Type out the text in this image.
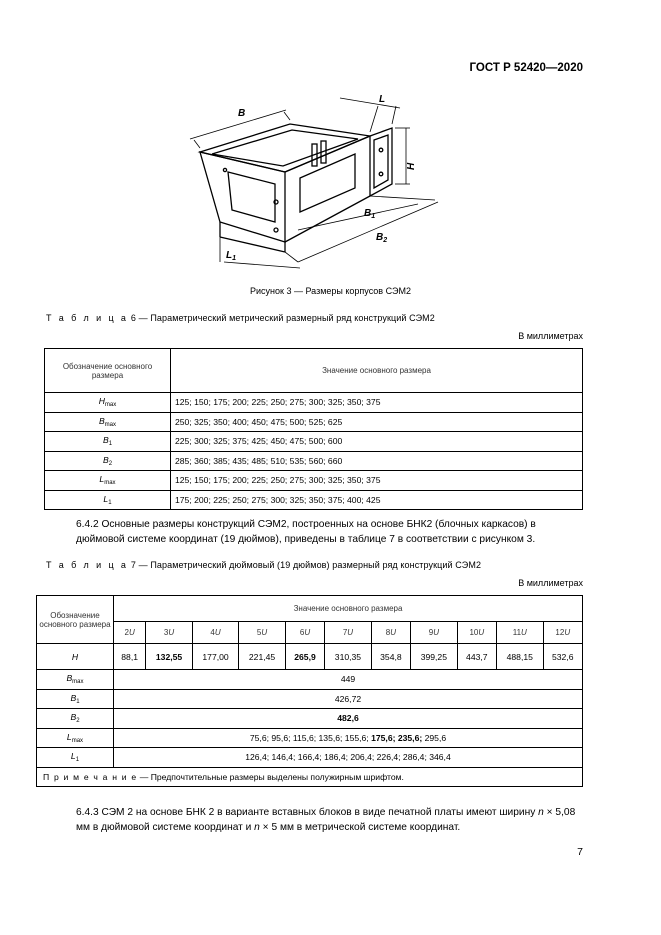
ГОСТ Р 52420—2020
B
L
H
$B_1$
$B_2$
$L_1$
Рисунок 3 — Размеры корпусов СЭМ2
Т а б л и ц а 6 — Параметрический метрический размерный ряд конструкций СЭМ2
В миллиметрах
Обозначение основного размера	Значение основного размера
$H_{max}$	125; 150; 175; 200; 225; 250; 275; 300; 325; 350; 375
$B_{max}$	250; 325; 350; 400; 450; 475; 500; 525; 625
$B_1$	225; 300; 325; 375; 425; 450; 475; 500; 600
$B_2$	285; 360; 385; 435; 485; 510; 535; 560; 660
$L_{max}$	125; 150; 175; 200; 225; 250; 275; 300; 325; 350; 375
$L_1$	175; 200; 225; 250; 275; 300; 325; 350; 375; 400; 425
6.4.2 Основные размеры конструкций СЭМ2, построенных на основе БНК2 (блочных каркасов) в дюймовой системе координат (19 дюймов), приведены в таблице 7 в соответствии с рисунком 3.
Т а б л и ц а 7 — Параметрический дюймовый (19 дюймов) размерный ряд конструкций СЭМ2
В миллиметрах
Обозначение основного размера	Значение основного размера										
	2U	3U	4U	5U	6U	7U	8U	9U	10U	11U	12U
H	88,1	132,55	177,00	221,45	265,9	310,35	354,8	399,25	443,7	488,15	532,6
$B_{max}$	449										
$B_1$	426,72										
$B_2$	482,6										
$L_{max}$	75,6; 95,6; 115,6; 135,6; 155,6; 175,6; 235,6; 295,6										
$L_1$	126,4; 146,4; 166,4; 186,4; 206,4; 226,4; 286,4; 346,4										
П р и м е ч а н и е — Предпочтительные размеры выделены полужирным шрифтом.											
6.4.3 СЭМ 2 на основе БНК 2 в варианте вставных блоков в виде печатной платы имеют ширину n × 5,08 мм в дюймовой системе координат и n × 5 мм в метрической системе координат.
7
